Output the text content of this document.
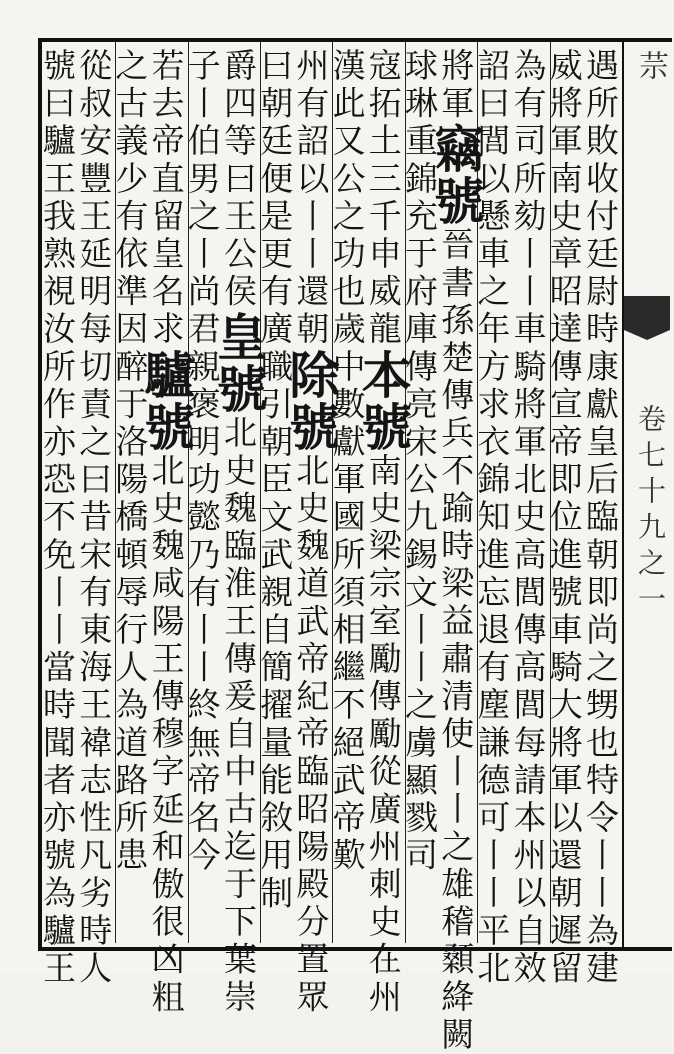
䒬
卷七十九之一
遇所敗收付廷尉時康獻皇后臨朝即尚之甥也特令丨丨為建
威將軍南史章昭達傳宣帝即位進號車騎大將軍以還朝遲留
為有司所劾丨丨車騎將軍北史高閭傳高閭每請本州以自效
詔曰閭以懸車之年方求衣錦知進忘退有塵謙德可丨丨平北
將軍竊號晉書孫楚傳兵不踰時梁益肅清使丨丨之雄稽顙絳闕
球琳重錦充于府庫傳亮宋公九錫文丨丨之虜顯戮司
寇拓土三千申威龍本號南史梁宗室勵傳勵從廣州刺史在州
漢此又公之功也歲中數獻軍國所須相繼不絕武帝歎
州有詔以丨丨還朝除號北史魏道武帝紀帝臨昭陽殿分置眾
曰朝廷便是更有廣職引朝臣文武親自簡擢量能敘用制
爵四等曰王公侯皇號北史魏臨淮王傳爰自中古迄于下葉崇
子丨伯男之丨尚君親褒明功懿乃有丨丨終無帝名今
若去帝直留皇名求驢號北史魏咸陽王傳穆字延和傲很凶粗
之古義少有依準因醉于洛陽橋頓辱行人為道路所患
從叔安豐王延明每切責之曰昔宋有東海王褘志性凡劣時人
號曰驢王我熟視汝所作亦恐不免丨丨當時聞者亦號為驢王
